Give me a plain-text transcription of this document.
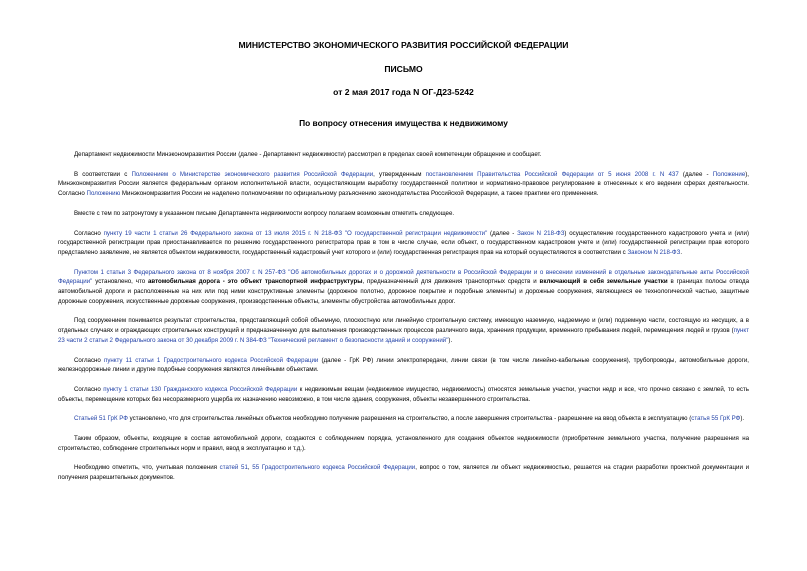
МИНИСТЕРСТВО ЭКОНОМИЧЕСКОГО РАЗВИТИЯ РОССИЙСКОЙ ФЕДЕРАЦИИ
ПИСЬМО
от 2 мая 2017 года N ОГ-Д23-5242
По вопросу отнесения имущества к недвижимому

Департамент недвижимости Минэкономразвития России (далее - Департамент недвижимости) рассмотрел в пределах своей компетенции обращение и сообщает.

В соответствии с Положением о Министерстве экономического развития Российской Федерации, утвержденным постановлением Правительства Российской Федерации от 5 июня 2008 г. N 437 (далее - Положение), Минэкономразвития России является федеральным органом исполнительной власти, осуществляющим выработку государственной политики и нормативно-правовое регулирование в отнесенных к его ведении сферах деятельности. Согласно Положению Минэкономразвития России не наделено полномочиями по официальному разъяснению законодательства Российской Федерации, а также практики его применения.

Вместе с тем по затронутому в указанном письме Департамента недвижимости вопросу полагаем возможным отметить следующее.

Согласно пункту 19 части 1 статьи 26 Федерального закона от 13 июля 2015 г. N 218-ФЗ "О государственной регистрации недвижимости" (далее - Закон N 218-ФЗ) осуществление государственного кадастрового учета и (или) государственной регистрации прав приостанавливается по решению государственного регистратора прав в том в числе случае, если объект, о государственном кадастровом учете и (или) государственной регистрации прав которого представлено заявление, не является объектом недвижимости, государственный кадастровый учет которого и (или) государственная регистрация прав на который осуществляются в соответствии с Законом N 218-ФЗ.

Пунктом 1 статьи 3 Федерального закона от 8 ноября 2007 г. N 257-ФЗ "Об автомобильных дорогах и о дорожной деятельности в Российской Федерации и о внесении изменений в отдельные законодательные акты Российской Федерации" установлено, что автомобильная дорога - это объект транспортной инфраструктуры, предназначенный для движения транспортных средств и включающий в себя земельные участки в границах полосы отвода автомобильной дороги и расположенные на них или под ними конструктивные элементы (дорожное полотно, дорожное покрытие и подобные элементы) и дорожные сооружения, являющиеся ее технологической частью, защитные дорожные сооружения, искусственные дорожные сооружения, производственные объекты, элементы обустройства автомобильных дорог.

Под сооружением понимается результат строительства, представляющий собой объемную, плоскостную или линейную строительную систему, имеющую наземную, надземную и (или) подземную части, состоящую из несущих, а в отдельных случаях и ограждающих строительных конструкций и предназначенную для выполнения производственных процессов различного вида, хранения продукции, временного пребывания людей, перемещения людей и грузов (пункт 23 части 2 статьи 2 Федерального закона от 30 декабря 2009 г. N 384-ФЗ "Технический регламент о безопасности зданий и сооружений").

Согласно пункту 11 статьи 1 Градостроительного кодекса Российской Федерации (далее - ГрК РФ) линии электропередачи, линии связи (в том числе линейно-кабельные сооружения), трубопроводы, автомобильные дороги, железнодорожные линии и другие подобные сооружения являются линейными объектами.

Согласно пункту 1 статьи 130 Гражданского кодекса Российской Федерации к недвижимым вещам (недвижимое имущество, недвижимость) относятся земельные участки, участки недр и все, что прочно связано с землей, то есть объекты, перемещение которых без несоразмерного ущерба их назначению невозможно, в том числе здания, сооружения, объекты незавершенного строительства.

Статьей 51 ГрК РФ установлено, что для строительства линейных объектов необходимо получение разрешения на строительство, а после завершения строительства - разрешение на ввод объекта в эксплуатацию (статья 55 ГрК РФ).

Таким образом, объекты, входящие в состав автомобильной дороги, создаются с соблюдением порядка, установленного для создания объектов недвижимости (приобретение земельного участка, получение разрешения на строительство, соблюдение строительных норм и правил, ввод в эксплуатацию и т.д.).

Необходимо отметить, что, учитывая положения статей 51, 55 Градостроительного кодекса Российской Федерации, вопрос о том, является ли объект недвижимостью, решается на стадии разработки проектной документации и получения разрешительных документов.
